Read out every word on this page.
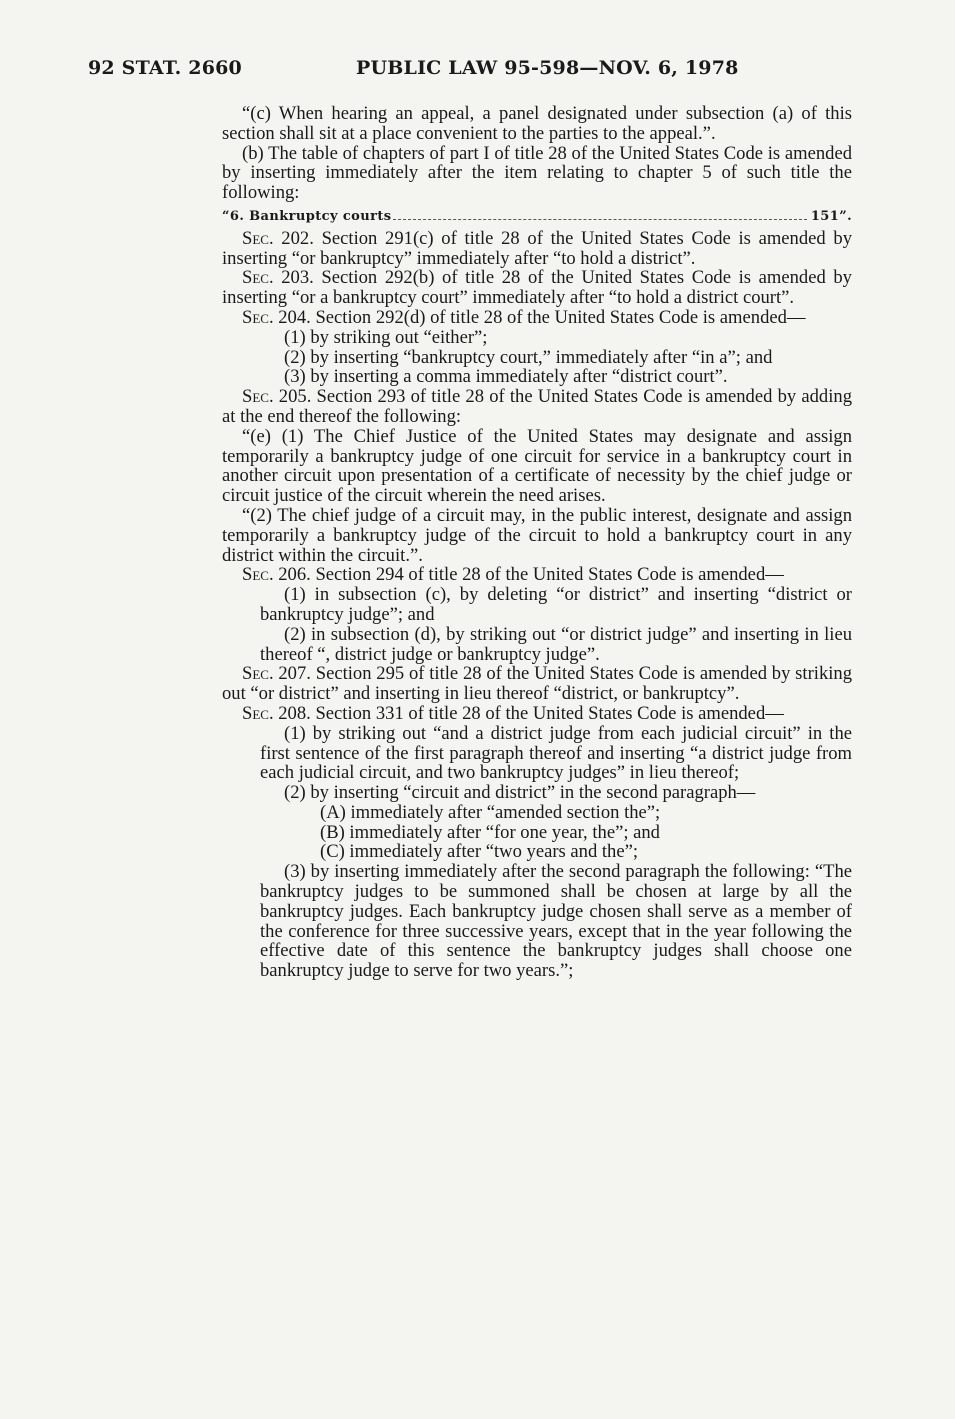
92 STAT. 2660	PUBLIC LAW 95-598—NOV. 6, 1978

“(c) When hearing an appeal, a panel designated under subsection (a) of this section shall sit at a place convenient to the parties to the appeal.”.

(b) The table of chapters of part I of title 28 of the United States Code is amended by inserting immediately after the item relating to chapter 5 of such title the following:

“6. Bankruptcy courts	151”.

Sec. 202. Section 291(c) of title 28 of the United States Code is amended by inserting “or bankruptcy” immediately after “to hold a district”.

Sec. 203. Section 292(b) of title 28 of the United States Code is amended by inserting “or a bankruptcy court” immediately after “to hold a district court”.

Sec. 204. Section 292(d) of title 28 of the United States Code is amended—

(1) by striking out “either”;

(2) by inserting “bankruptcy court,” immediately after “in a”; and

(3) by inserting a comma immediately after “district court”.

Sec. 205. Section 293 of title 28 of the United States Code is amended by adding at the end thereof the following:

“(e) (1) The Chief Justice of the United States may designate and assign temporarily a bankruptcy judge of one circuit for service in a bankruptcy court in another circuit upon presentation of a certificate of necessity by the chief judge or circuit justice of the circuit wherein the need arises.

“(2) The chief judge of a circuit may, in the public interest, designate and assign temporarily a bankruptcy judge of the circuit to hold a bankruptcy court in any district within the circuit.”.

Sec. 206. Section 294 of title 28 of the United States Code is amended—

(1) in subsection (c), by deleting “or district” and inserting “district or bankruptcy judge”; and

(2) in subsection (d), by striking out “or district judge” and inserting in lieu thereof “, district judge or bankruptcy judge”.

Sec. 207. Section 295 of title 28 of the United States Code is amended by striking out “or district” and inserting in lieu thereof “district, or bankruptcy”.

Sec. 208. Section 331 of title 28 of the United States Code is amended—

(1) by striking out “and a district judge from each judicial circuit” in the first sentence of the first paragraph thereof and inserting “a district judge from each judicial circuit, and two bankruptcy judges” in lieu thereof;

(2) by inserting “circuit and district” in the second paragraph—

(A) immediately after “amended section the”;

(B) immediately after “for one year, the”; and

(C) immediately after “two years and the”;

(3) by inserting immediately after the second paragraph the following: “The bankruptcy judges to be summoned shall be chosen at large by all the bankruptcy judges. Each bankruptcy judge chosen shall serve as a member of the conference for three successive years, except that in the year following the effective date of this sentence the bankruptcy judges shall choose one bankruptcy judge to serve for two years.”;
